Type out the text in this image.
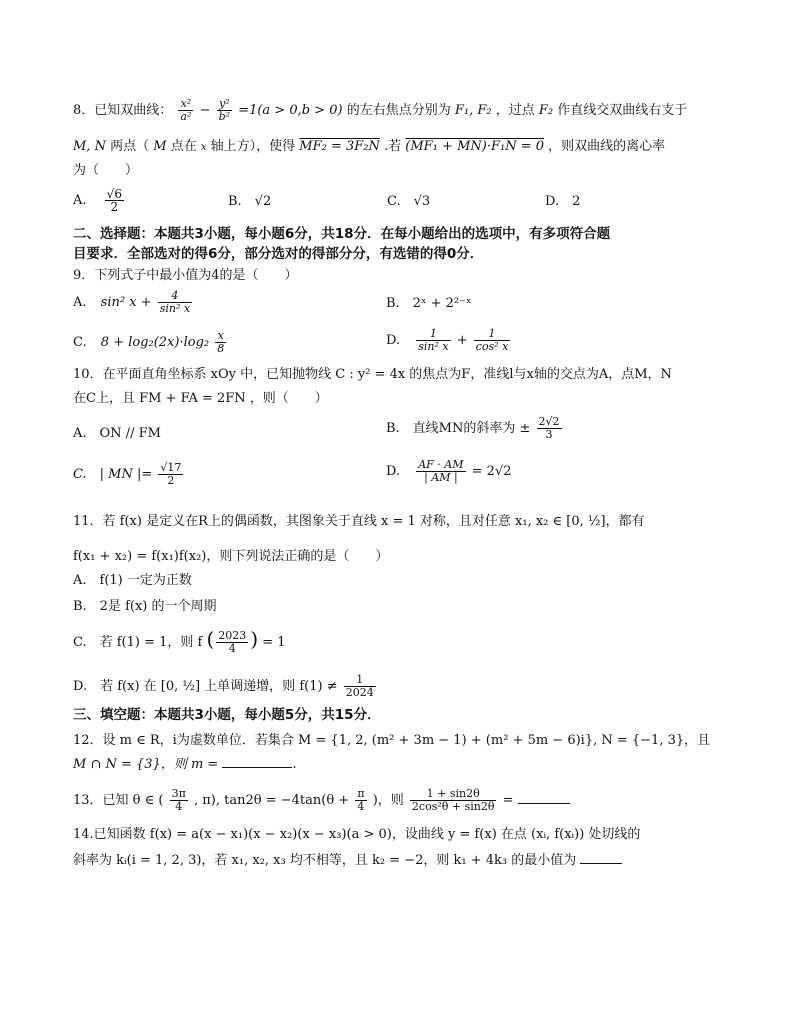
8．已知双曲线： $\frac{\text{x²}}{\text{a²}} - \frac{\text{y²}}{\text{b²}} =1(a > 0,b > 0)$ 的左右焦点分别为 F₁, F₂ ，过点 F₂ 作直线交双曲线右支于
M, N 两点（ M 点在 x 轴上方），使得 MF₂ = 3F₂N .若 (MF₁ + MN)·F₁N = 0 ，则双曲线的离心率
为（　　）
A. $\frac{√6}{2}$	B.　√2	C.　√3	D.　2
二、选择题：本题共3小题，每小题6分，共18分．在每小题给出的选项中，有多项符合题
目要求．全部选对的得6分，部分选对的得部分分，有选错的得0分．
9．下列式子中最小值为4的是（　　）
A. sin² $x + \frac{4}{\text{sin² x}}$	B.　2ˣ + 2²⁻ˣ
C. $8 + \log_2(2x)\cdot\log_2 \frac{x}{8}$	D. $\frac{1}{\text{sin² x}} + \frac{1}{\text{cos² x}}$
10．在平面直角坐标系 xOy 中，已知抛物线 C : y² = 4x 的焦点为F，准线l与x轴的交点为A，点M，N
在C上，且 FM + FA = 2FN ，则（　　）
A.　ON // FM	B.　直线MN的斜率为 ± $\frac{2√2}{3}$
C.　| MN |= $\frac{√17}{2}$	D. $\frac{AF \cdot AM}{| AM |} = 2√2$
11．若 f(x) 是定义在R上的偶函数，其图象关于直线 x = 1 对称，且对任意 x₁, x₂ ∈ [0, ½]，都有
f(x₁ + x₂) = f(x₁)f(x₂)，则下列说法正确的是（　　）
A.　f(1) 一定为正数
B.　2是 f(x) 的一个周期
C.　若 f(1) = 1，则 f ( $\frac{2023}{4}$ ) = 1
D.　若 f(x) 在 [0, ½] 上单调递增，则 $f(1) \ne \frac{1}{2024}$
三、填空题：本题共3小题，每小题5分，共15分．
12．设 m ∈ R，i为虚数单位．若集合 M = {1, 2, (m² + 3m − 1) + (m² + 5m − 6)i}, N = {−1, 3}，且
M ∩ N = {3}，则 m =	.
13．已知 θ ∈ ( $\frac{3\pi}{4}$ , π), $\tan 2\theta = -4\tan(\theta + \frac{\pi}{4}$ )，则 $\frac{1 + \sin 2\theta}{\text{2cos²θ + sin2θ}}$ =
14.已知函数 f(x) = a(x − x₁)(x − x₂)(x − x₃)(a > 0)，设曲线 y = f(x) 在点 (xᵢ, f(xᵢ)) 处切线的
斜率为 kᵢ(i = 1, 2, 3)，若 x₁, x₂, x₃ 均不相等，且 k₂ = −2，则 k₁ + 4k₃ 的最小值为
